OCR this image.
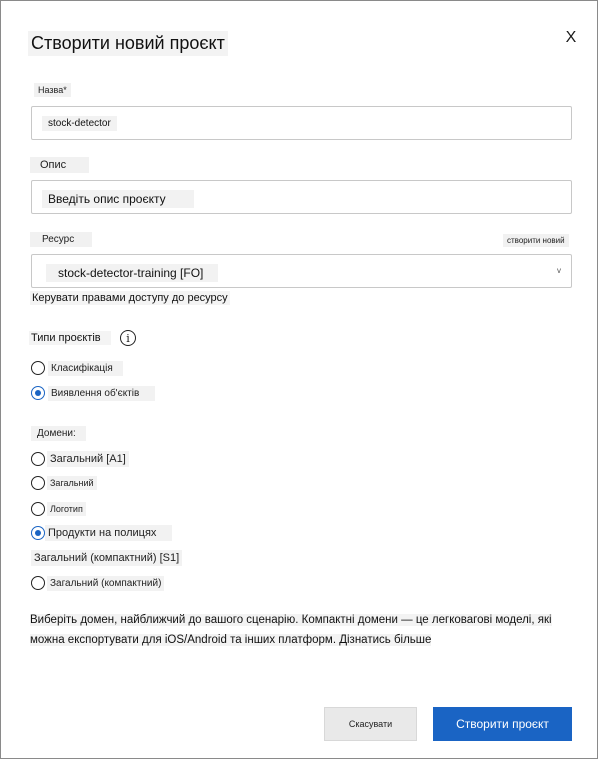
Створити новий проєкт	X
Назва*
stock-detector
Опис
Введіть опис проєкту
Ресурс	створити новий
stock-detector-training [FO]	v
Керувати правами доступу до ресурсу
Типи проєктів	i
Класифікація
Виявлення об'єктів
Домени:
Загальний [A1]
Загальний
Логотип
Продукти на полицях
Загальний (компактний) [S1]
Загальний (компактний)
Виберіть домен, найближчий до вашого сценарію. Компактні домени — це легковагові моделі, які
можна експортувати для iOS/Android та інших платформ. Дізнатись більше
Скасувати	Створити проєкт
